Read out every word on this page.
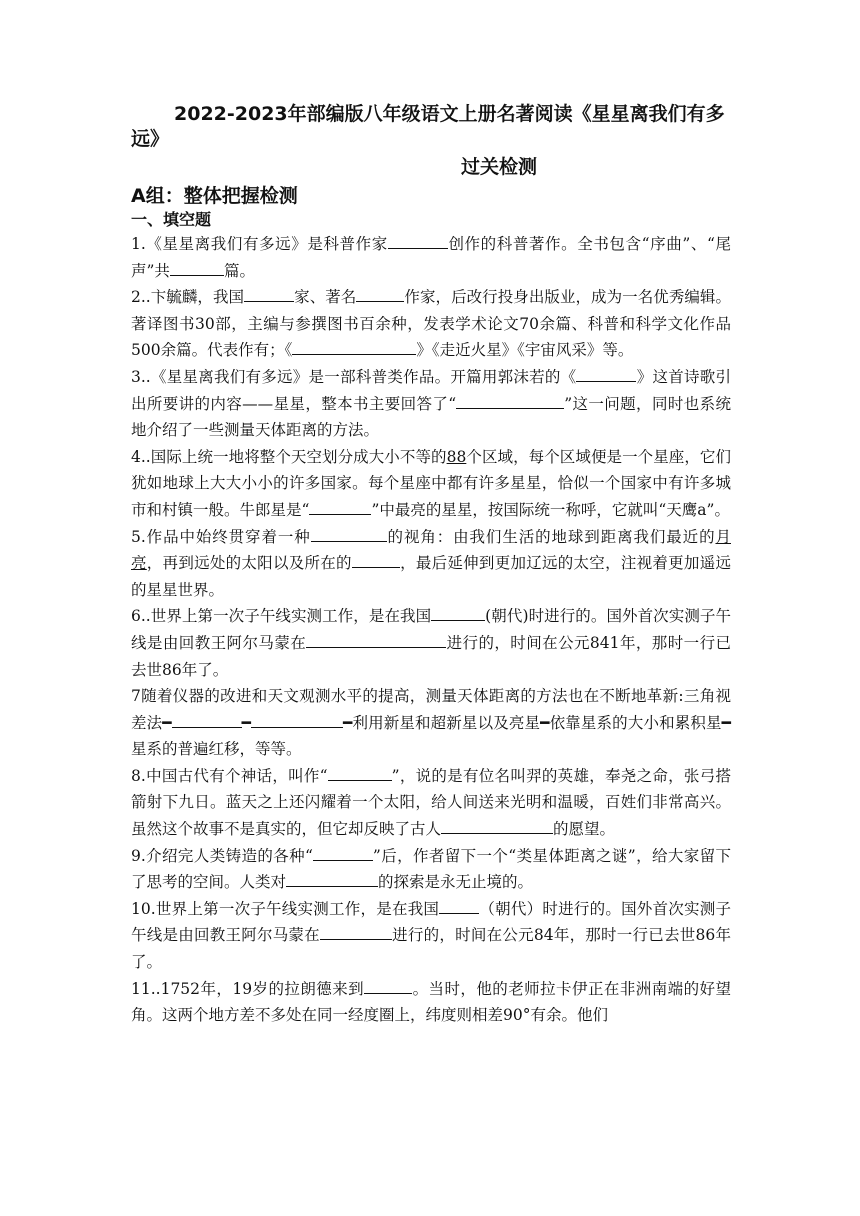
2022-2023年部编版八年级语文上册名著阅读《星星离我们有多远》

过关检测

A组：整体把握检测

一、填空题

1.《星星离我们有多远》是科普作家	创作的科普著作。全书包含“序曲”、“尾声”共	篇。

2..卞毓麟，我国	家、著名	作家，后改行投身出版业，成为一名优秀编辑。著译图书30部，主编与参撰图书百余种，发表学术论文70余篇、科普和科学文化作品500余篇。代表作有；《	》《走近火星》《宇宙风采》等。

3..《星星离我们有多远》是一部科普类作品。开篇用郭沫若的《	》这首诗歌引出所要讲的内容——星星，整本书主要回答了“	”这一问题，同时也系统地介绍了一些测量天体距离的方法。

4..国际上统一地将整个天空划分成大小不等的88个区域，每个区域便是一个星座，它们犹如地球上大大小小的许多国家。每个星座中都有许多星星，恰似一个国家中有许多城市和村镇一般。牛郎星是“	”中最亮的星星，按国际统一称呼，它就叫“天鹰a”。

5.作品中始终贯穿着一种	的视角：由我们生活的地球到距离我们最近的月亮，再到远处的太阳以及所在的	，最后延伸到更加辽远的太空，注视着更加遥远的星星世界。

6..世界上第一次子午线实测工作，是在我国	(朝代)时进行的。国外首次实测子午线是由回教王阿尔马蒙在	进行的，时间在公元841年，那时一行已去世86年了。

7随着仪器的改进和天文观测水平的提高，测量天体距离的方法也在不断地革新:三角视差法━	━	━利用新星和超新星以及亮星━依靠星系的大小和累积星━星系的普遍红移，等等。

8.中国古代有个神话，叫作“	”，说的是有位名叫羿的英雄，奉尧之命，张弓搭箭射下九日。蓝天之上还闪耀着一个太阳，给人间送来光明和温暖，百姓们非常高兴。虽然这个故事不是真实的，但它却反映了古人	的愿望。

9.介绍完人类铸造的各种“	”后，作者留下一个“类星体距离之谜”，给大家留下了思考的空间。人类对	的探索是永无止境的。

10.世界上第一次子午线实测工作，是在我国	（朝代）时进行的。国外首次实测子午线是由回教王阿尔马蒙在	进行的，时间在公元84年，那时一行已去世86年了。

11..1752年，19岁的拉朗德来到	。当时，他的老师拉卡伊正在非洲南端的好望角。这两个地方差不多处在同一经度圈上，纬度则相差90°有余。他们
